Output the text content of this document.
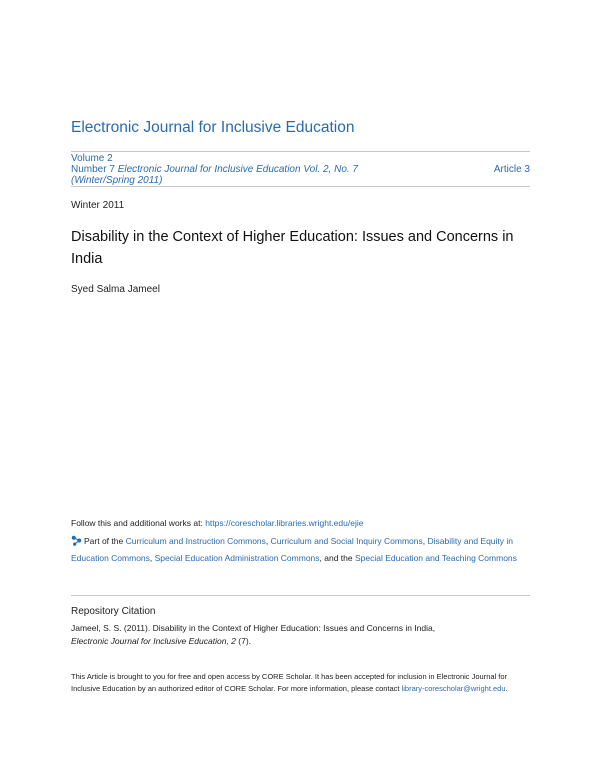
Electronic Journal for Inclusive Education
Volume 2
Number 7 Electronic Journal for Inclusive Education Vol. 2, No. 7 (Winter/Spring 2011)
Article 3
Winter 2011
Disability in the Context of Higher Education: Issues and Concerns in India
Syed Salma Jameel
Follow this and additional works at: https://corescholar.libraries.wright.edu/ejie
Part of the Curriculum and Instruction Commons, Curriculum and Social Inquiry Commons, Disability and Equity in Education Commons, Special Education Administration Commons, and the Special Education and Teaching Commons
Repository Citation
Jameel, S. S. (2011). Disability in the Context of Higher Education: Issues and Concerns in India,
Electronic Journal for Inclusive Education, 2 (7).
This Article is brought to you for free and open access by CORE Scholar. It has been accepted for inclusion in Electronic Journal for Inclusive Education by an authorized editor of CORE Scholar. For more information, please contact library-corescholar@wright.edu.
